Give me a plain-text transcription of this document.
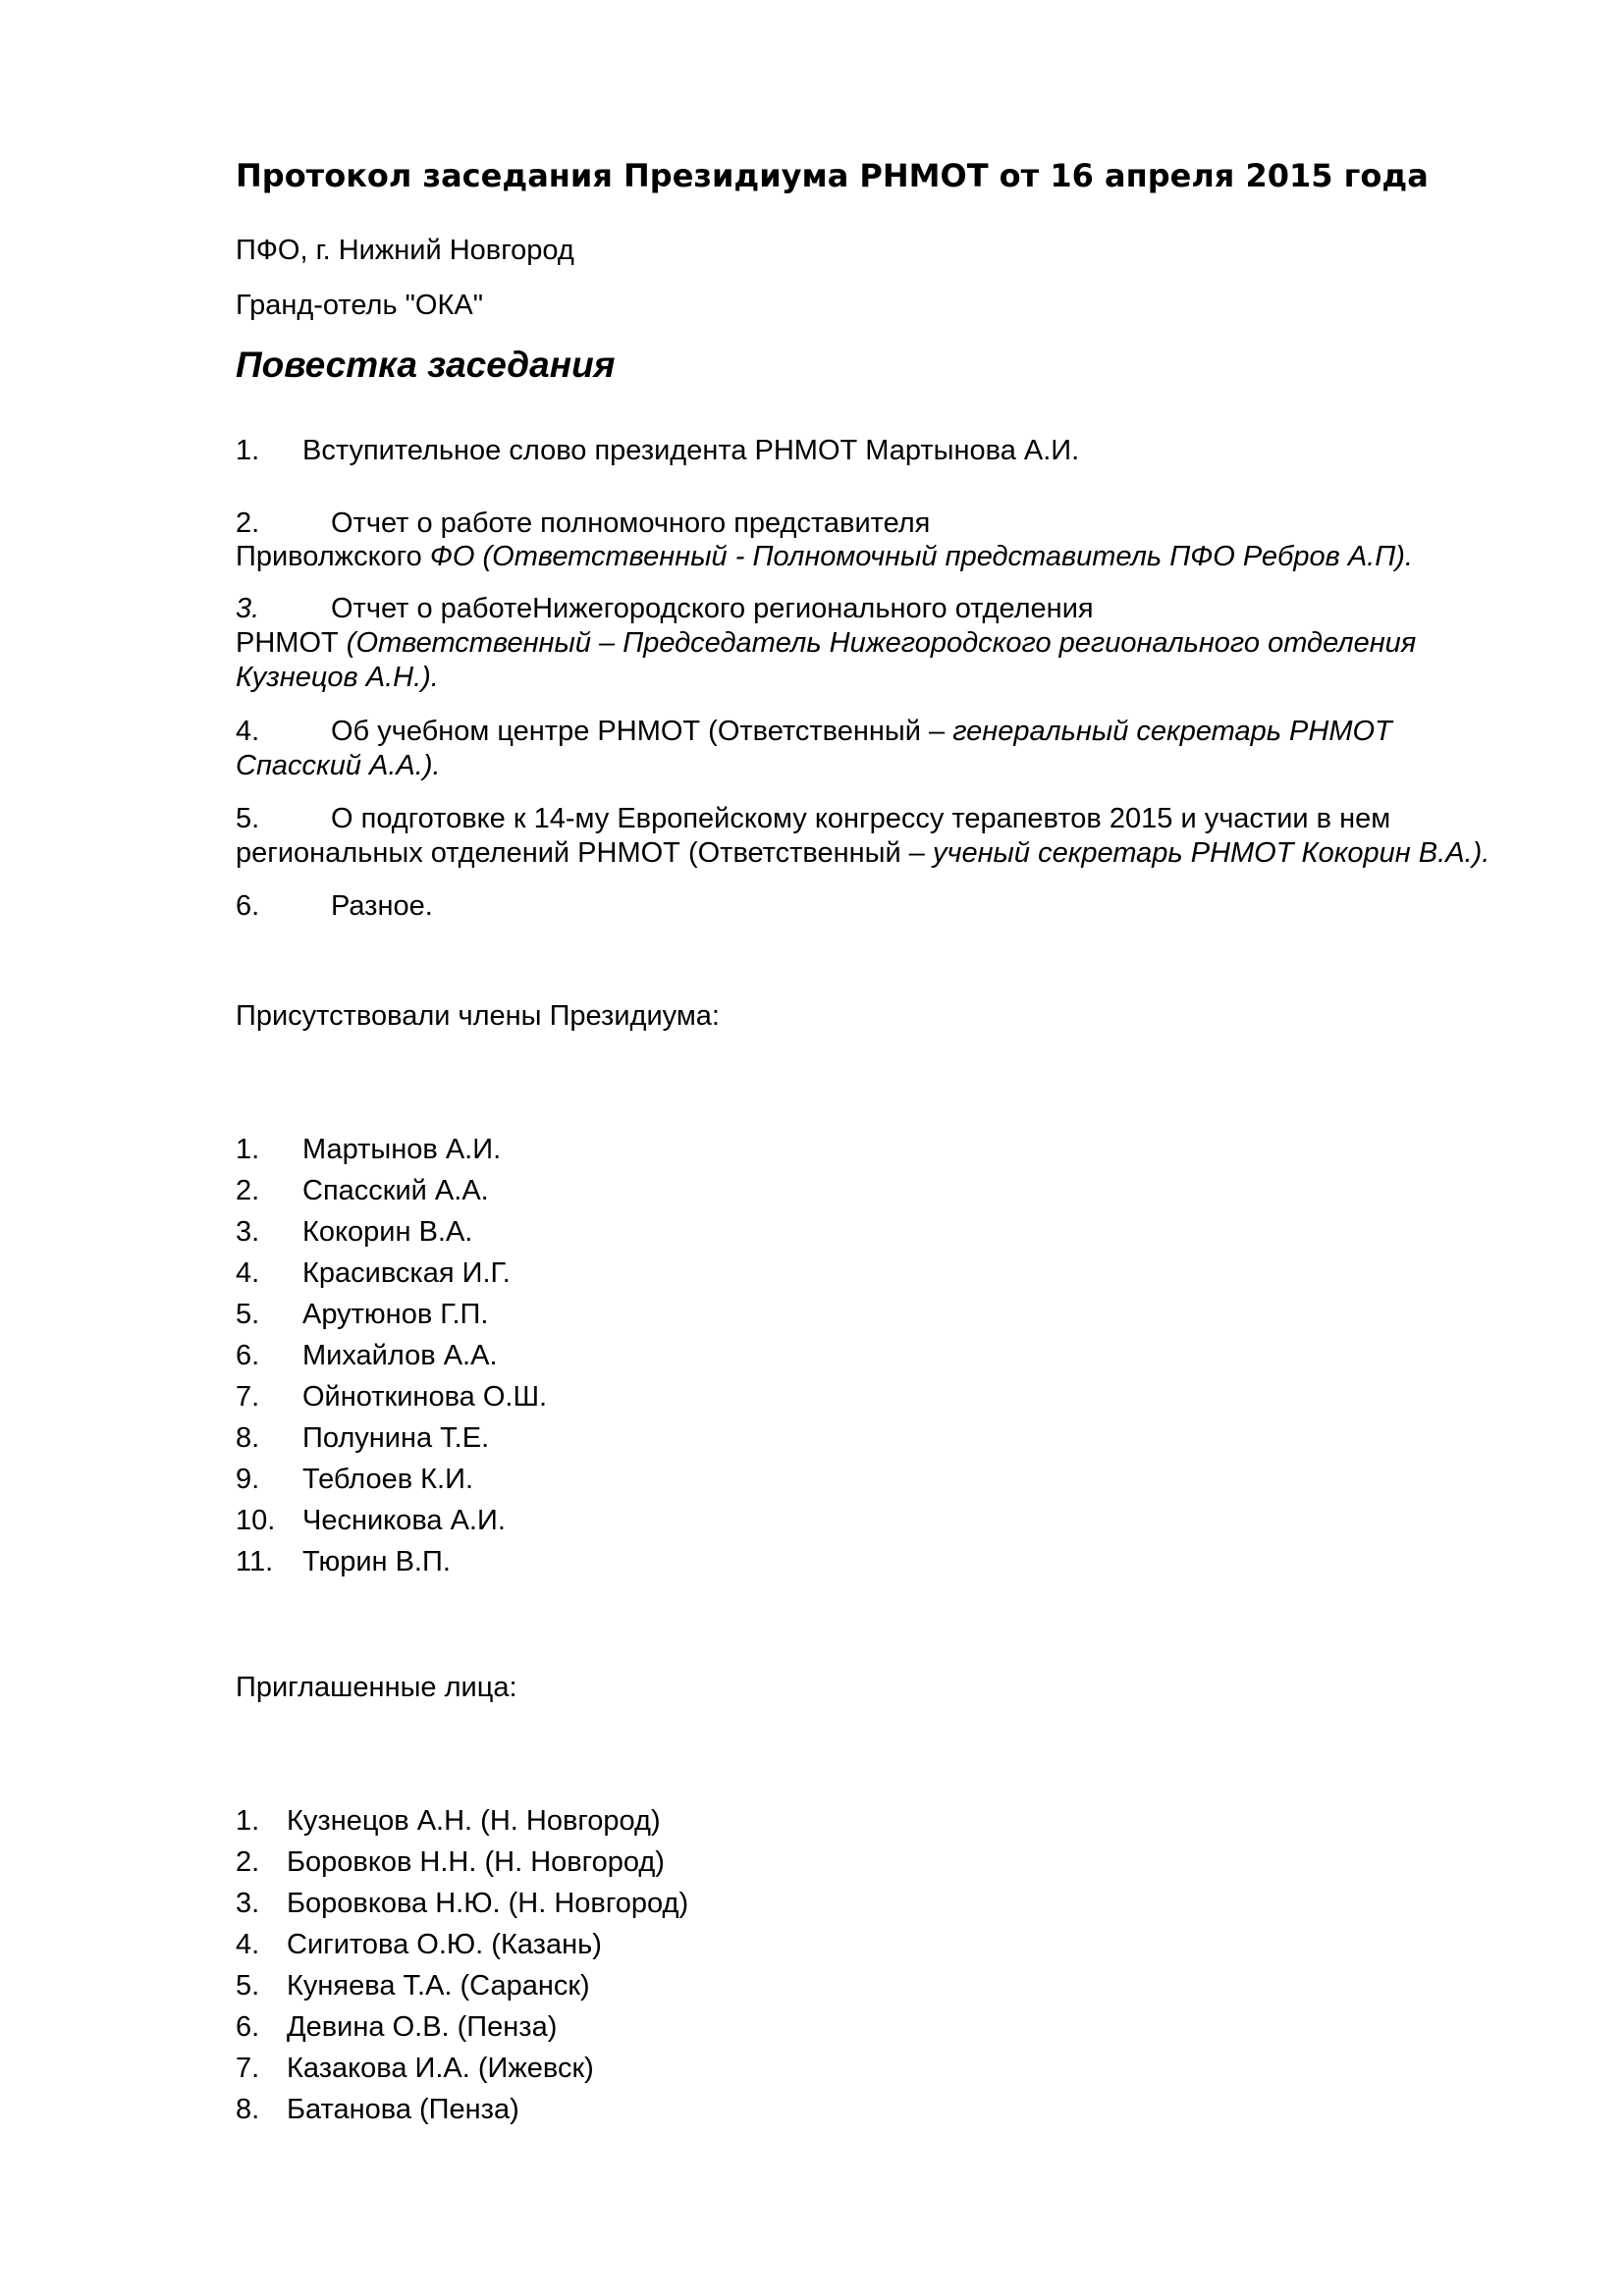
Протокол заседания Президиума РНМОТ от 16 апреля 2015 года
ПФО, г. Нижний Новгород
Гранд-отель "ОКА"
Повестка заседания
1. Вступительное слово президента РНМОТ Мартынова А.И.
2.	Отчет о работе полномочного представителя
Приволжского ФО (Ответственный - Полномочный представитель ПФО Ребров А.П).
3.	Отчет о работеНижегородского регионального отделения
РНМОТ (Ответственный – Председатель Нижегородского регионального отделения
Кузнецов А.Н.).
4.	Об учебном центре РНМОТ (Ответственный – генеральный секретарь РНМОТ
Спасский А.А.).
5.	О подготовке к 14-му Европейскому конгрессу терапевтов 2015 и участии в нем
региональных отделений РНМОТ (Ответственный – ученый секретарь РНМОТ Кокорин В.А.).
6.	Разное.
Присутствовали члены Президиума:
1. Мартынов А.И.
2. Спасский А.А.
3. Кокорин В.А.
4. Красивская И.Г.
5. Арутюнов Г.П.
6. Михайлов А.А.
7. Ойноткинова О.Ш.
8. Полунина Т.Е.
9. Теблоев К.И.
10. Чесникова А.И.
11. Тюрин В.П.
Приглашенные лица:
1. Кузнецов А.Н. (Н. Новгород)
2. Боровков Н.Н. (Н. Новгород)
3. Боровкова Н.Ю. (Н. Новгород)
4. Сигитова О.Ю. (Казань)
5. Куняева Т.А. (Саранск)
6. Девина О.В. (Пенза)
7. Казакова И.А. (Ижевск)
8. Батанова (Пенза)
